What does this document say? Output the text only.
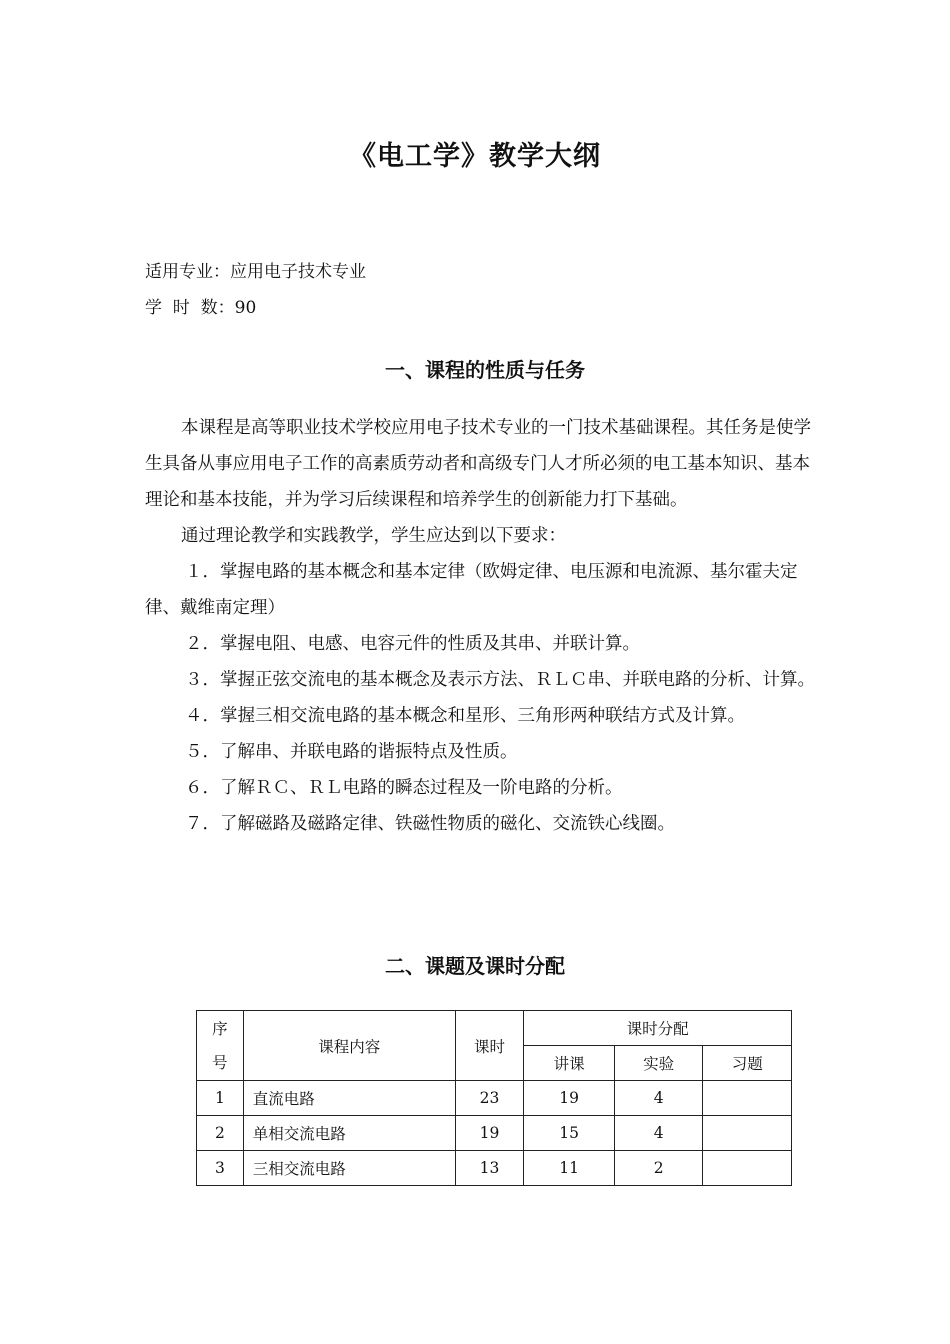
《电工学》教学大纲
适用专业：应用电子技术专业
学  时  数：90
一、课程的性质与任务

本课程是高等职业技术学校应用电子技术专业的一门技术基础课程。其任务是使学生具备从事应用电子工作的高素质劳动者和高级专门人才所必须的电工基本知识、基本理论和基本技能，并为学习后续课程和培养学生的创新能力打下基础。

通过理论教学和实践教学，学生应达到以下要求：

１．掌握电路的基本概念和基本定律（欧姆定律、电压源和电流源、基尔霍夫定律、戴维南定理）

２．掌握电阻、电感、电容元件的性质及其串、并联计算。

３．掌握正弦交流电的基本概念及表示方法、ＲＬＣ串、并联电路的分析、计算。

４．掌握三相交流电路的基本概念和星形、三角形两种联结方式及计算。

５．了解串、并联电路的谐振特点及性质。

６．了解ＲＣ、ＲＬ电路的瞬态过程及一阶电路的分析。

７．了解磁路及磁路定律、铁磁性物质的磁化、交流铁心线圈。

二、课题及课时分配
序
号	课程内容	课时	课时分配		
			讲课	实验	习题
1	直流电路	23	19	4	
2	单相交流电路	19	15	4	
3	三相交流电路	13	11	2	
